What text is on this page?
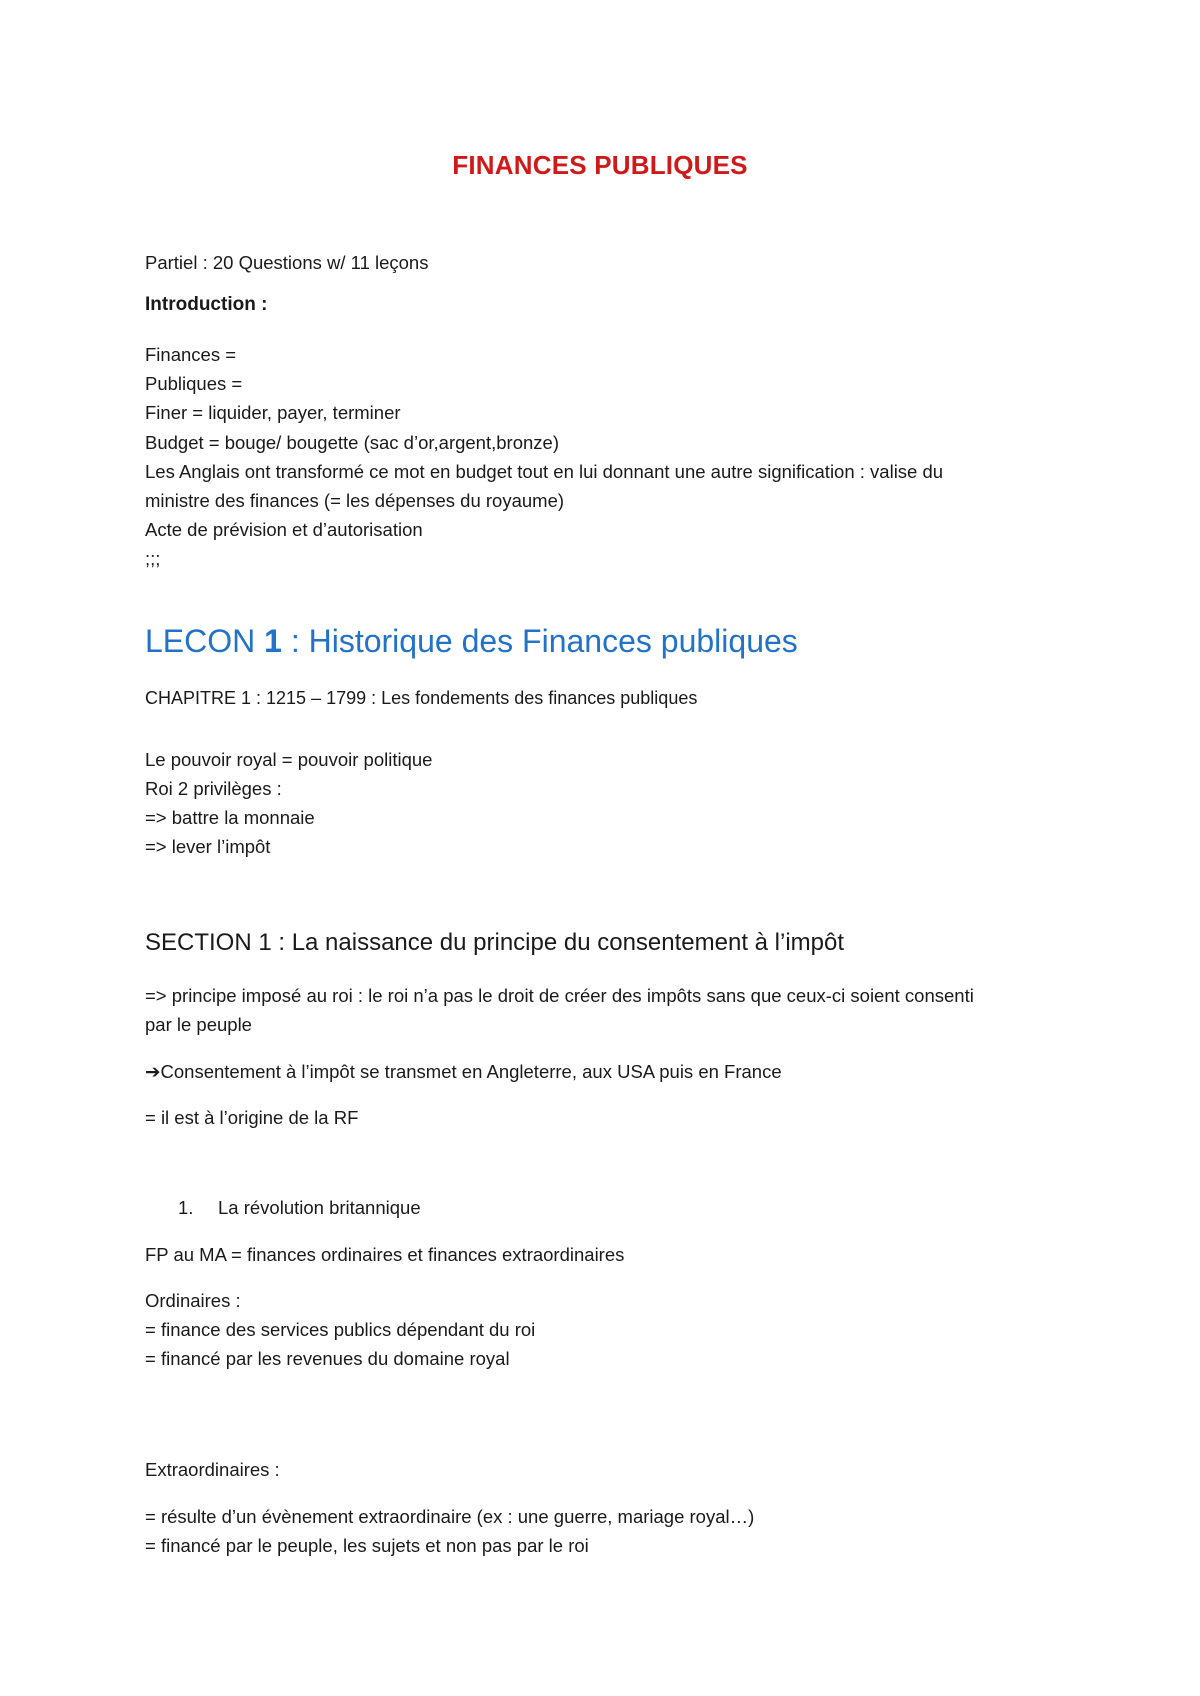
FINANCES PUBLIQUES
Partiel : 20 Questions w/ 11 leçons
Introduction :
Finances =
Publiques =
Finer = liquider, payer, terminer
Budget = bouge/ bougette (sac d’or,argent,bronze)
Les Anglais ont transformé ce mot en budget tout en lui donnant une autre signification : valise du
ministre des finances (= les dépenses du royaume)
Acte de prévision et d’autorisation
;;;
LECON 1 : Historique des Finances publiques
CHAPITRE 1 : 1215 – 1799 : Les fondements des finances publiques
Le pouvoir royal = pouvoir politique
Roi 2 privilèges :
=> battre la monnaie
=> lever l’impôt
SECTION 1 : La naissance du principe du consentement à l’impôt
=> principe imposé au roi : le roi n’a pas le droit de créer des impôts sans que ceux-ci soient consenti
par le peuple
➔Consentement à l’impôt se transmet en Angleterre, aux USA puis en France
= il est à l’origine de la RF
1. La révolution britannique
FP au MA = finances ordinaires et finances extraordinaires
Ordinaires :
= finance des services publics dépendant du roi
= financé par les revenues du domaine royal
Extraordinaires :
= résulte d’un évènement extraordinaire (ex : une guerre, mariage royal…)
= financé par le peuple, les sujets et non pas par le roi
